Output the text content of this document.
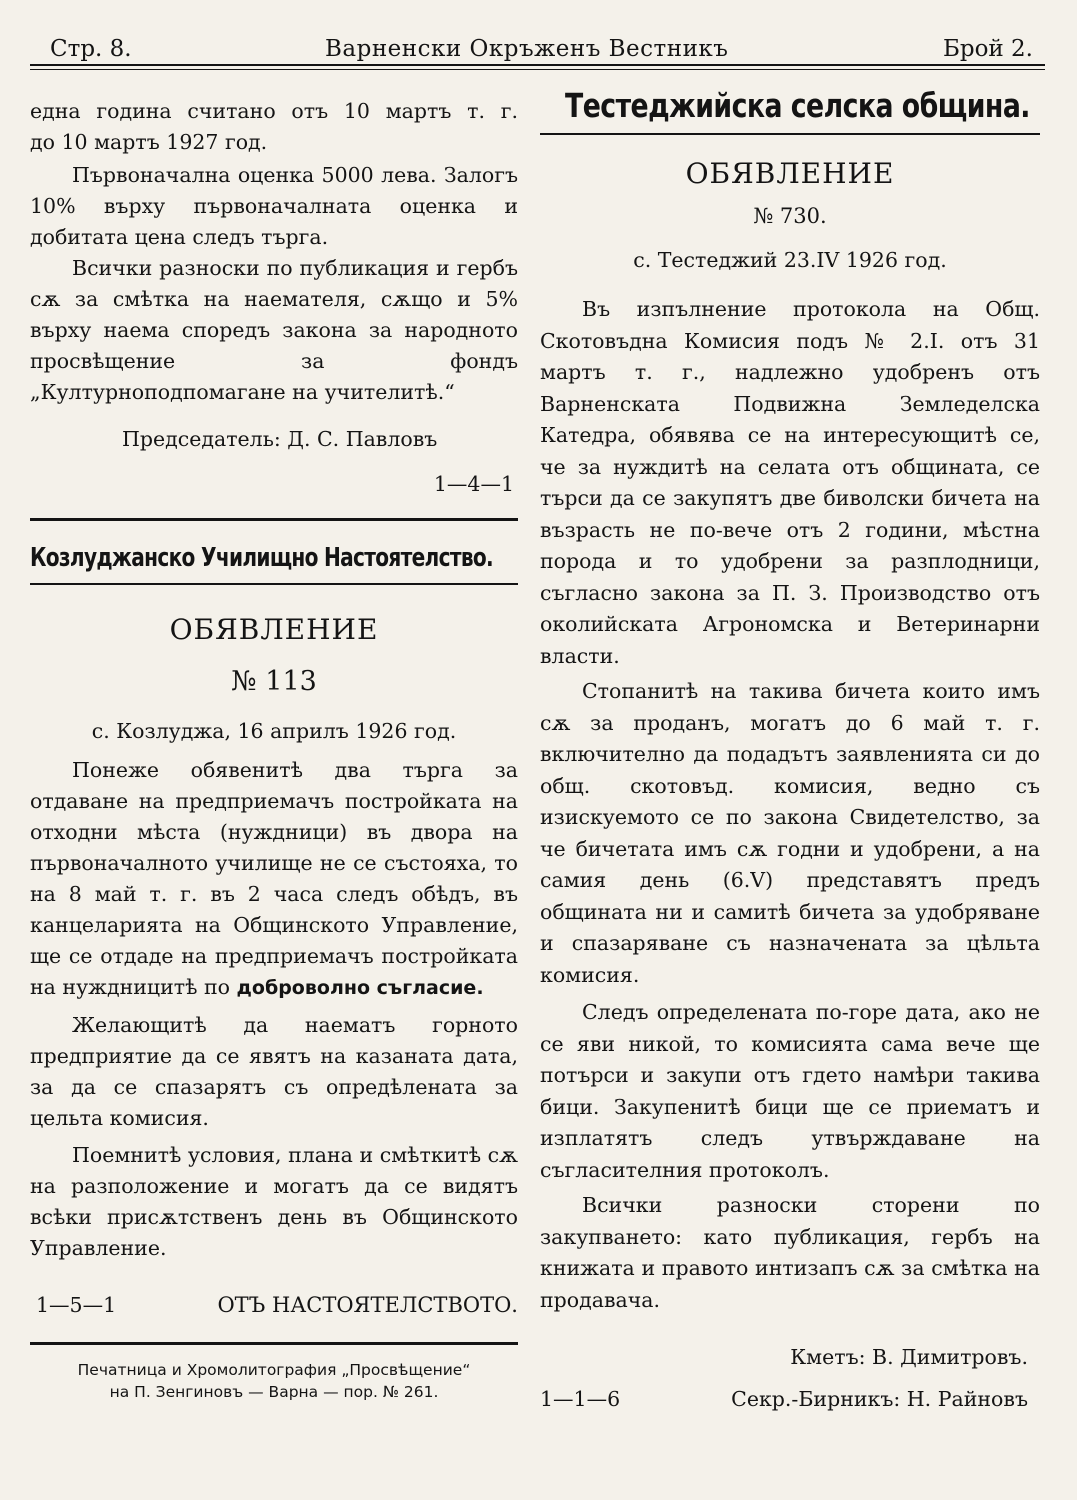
Стр. 8.	Варненски Окръженъ Вестникъ	Брой 2.

една година считано отъ 10 мартъ т. г.

до 10 мартъ 1927 год.

Първоначална оценка 5000 лева. Залогъ 10% върху първоначалната оценка и добитата цена следъ търга.

Всички разноски по публикация и гербъ сѫ за смѣтка на наемателя, сѫщо и 5% върху наема споредъ закона за народното просвѣщение за фондъ „Културноподпомагане на учителитѣ.“

Председатель: Д. С. Павловъ
1—4—1
Козлуджанско Училищно Настоятелство.
ОБЯВЛЕНИЕ
№ 113
с. Козлуджа, 16 априлъ 1926 год.

Понеже обявенитѣ два търга за отдаване на предприемачъ постройката на отходни мѣста (нуждници) въ двора на първоначалното училище не се състояха, то на 8 май т. г. въ 2 часа следъ обѣдъ, въ канцеларията на Общинското Управление, ще се отдаде на предприемачъ постройката на нуждницитѣ по доброволно съгласие.

Желающитѣ да наематъ горното предприятие да се явятъ на казаната дата, за да се спазарятъ съ опредѣлената за цельта комисия.

Поемнитѣ условия, плана и смѣткитѣ сѫ на разположение и могатъ да се видятъ всѣки присѫтственъ день въ Общинското Управление.

1—5—1	ОТЪ НАСТОЯТЕЛСТВОТО.
Печатница и Хромолитография „Просвѣщение“
на П. Зенгиновъ — Варна — пор. № 261.
Тестеджийска селска община.
ОБЯВЛЕНИЕ
№ 730.
с. Тестеджий 23.IV 1926 год.

Въ изпълнение протокола на Общ. Скотовъдна Комисия подъ № 2.I. отъ 31 мартъ т. г., надлежно удобренъ отъ Варненската Подвижна Земледелска Катедра, обявява се на интересующитѣ се, че за нуждитѣ на селата отъ общината, се търси да се закупятъ две биволски бичета на възрасть не по-вече отъ 2 години, мѣстна порода и то удобрени за разплодници, съгласно закона за П. З. Производство отъ околийската Агрономска и Ветеринарни власти.

Стопанитѣ на такива бичета които имъ сѫ за проданъ, могатъ до 6 май т. г. включително да подадътъ заявленията си до общ. скотовъд. комисия, ведно съ изискуемото се по закона Свидетелство, за че бичетата имъ сѫ годни и удобрени, а на самия день (6.V) представятъ предъ общината ни и самитѣ бичета за удобряване и спазаряване съ назначената за цѣльта комисия.

Следъ определената по-горе дата, ако не се яви никой, то комисията сама вече ще потърси и закупи отъ гдето намѣри такива бици. Закупенитѣ бици ще се приематъ и изплатятъ следъ утвърждаване на съгласителния протоколъ.

Всички разноски сторени по закупването: като публикация, гербъ на книжата и правото интизапъ сѫ за смѣтка на продавача.

Кметъ: В. Димитровъ.
1—1—6	Секр.-Бирникъ: Н. Райновъ
